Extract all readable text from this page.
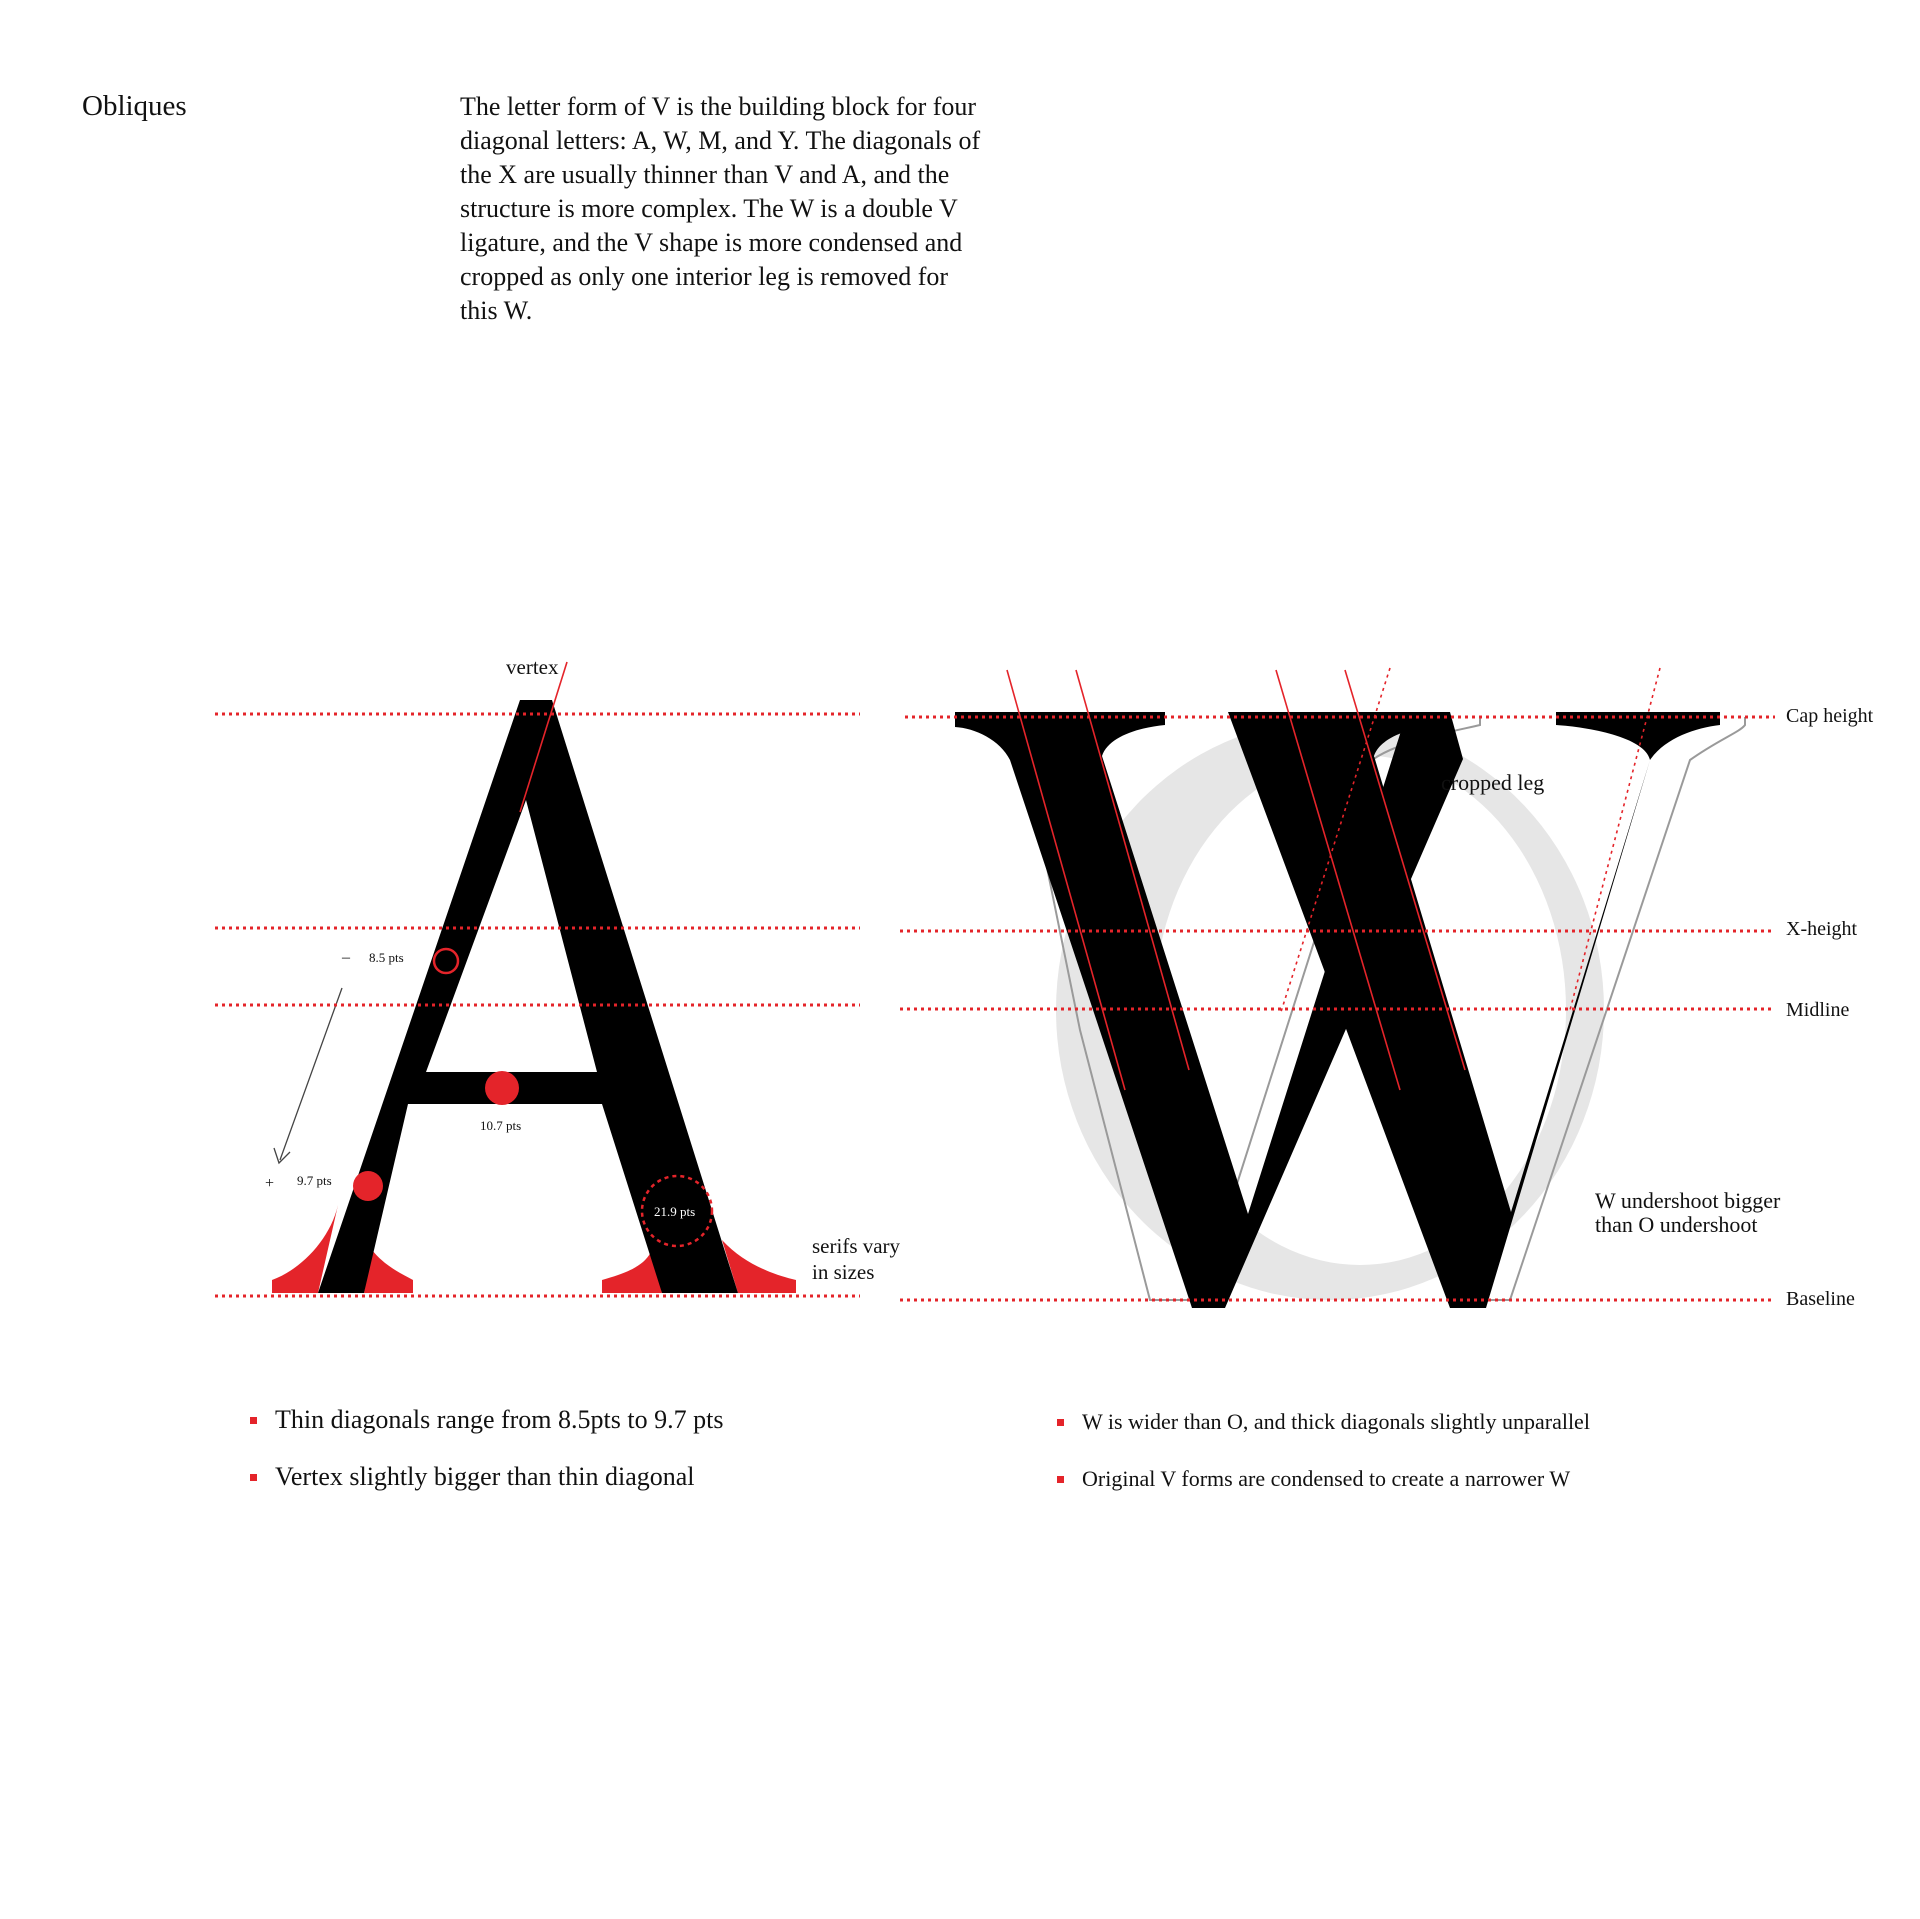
Obliques	The letter form of V is the building block for four
diagonal letters: A, W, M, and Y. The diagonals of
the X are usually thinner than V and A, and the
structure is more complex. The W is a double V
ligature, and the V shape is more condensed and
cropped as only one interior leg is removed for
this W.
vertex
– 8.5 pts
+ 9.7 pts
10.7 pts
21.9 pts
serifs vary
in sizes
cropped leg
W undershoot bigger
than O undershoot
Cap height
X-height
Midline
Baseline
Thin diagonals range from 8.5pts to 9.7 pts
Vertex slightly bigger than thin diagonal
W is wider than O, and thick diagonals slightly unparallel
Original V forms are condensed to create a narrower W
